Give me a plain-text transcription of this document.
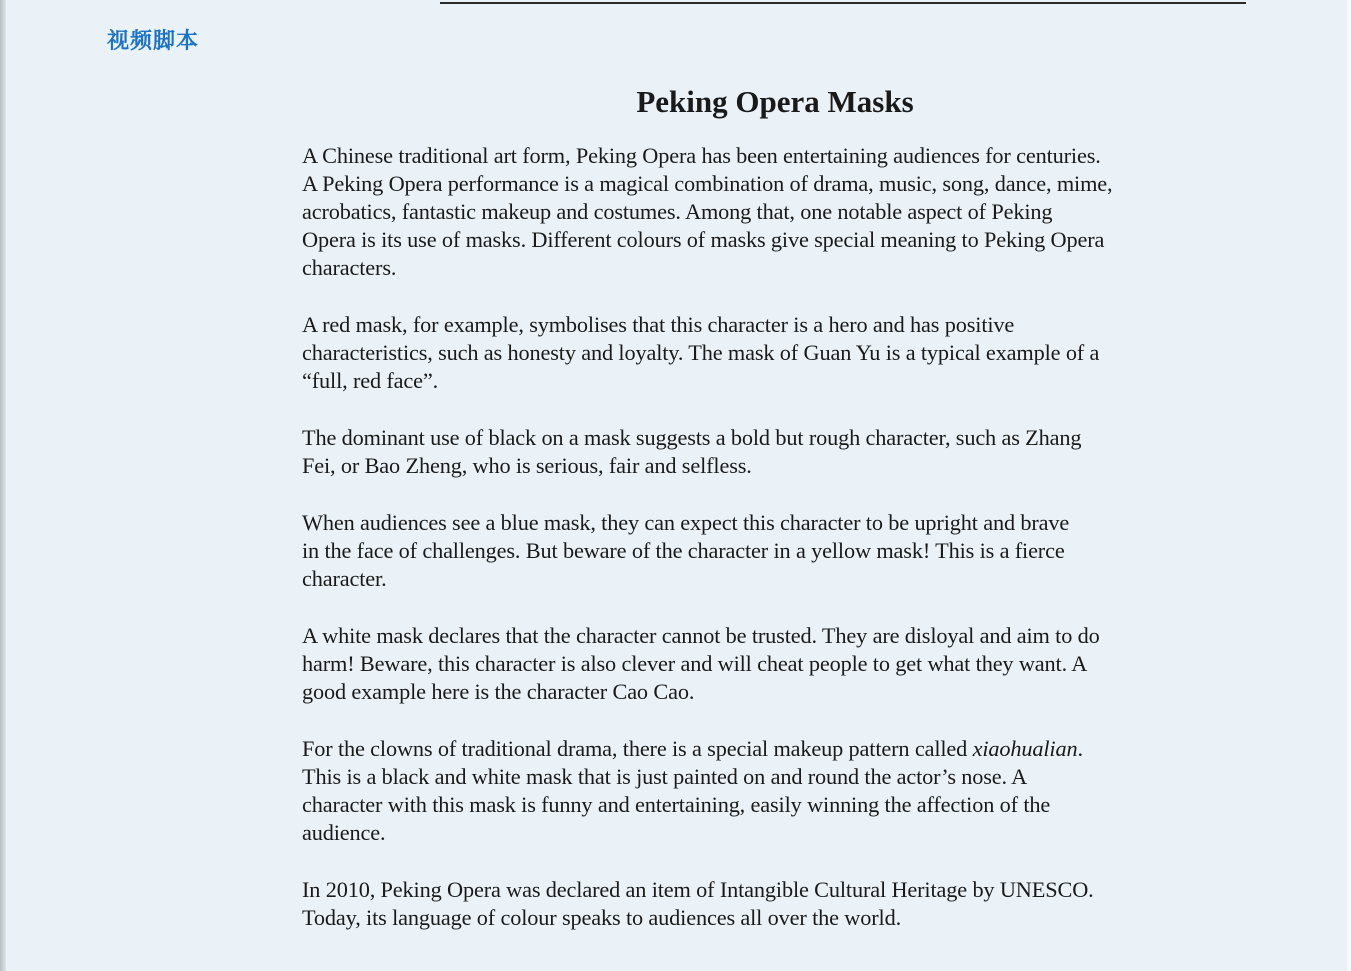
视频脚本
Peking Opera Masks

A Chinese traditional art form, Peking Opera has been entertaining audiences for centuries.
A Peking Opera performance is a magical combination of drama, music, song, dance, mime,
acrobatics, fantastic makeup and costumes. Among that, one notable aspect of Peking
Opera is its use of masks. Different colours of masks give special meaning to Peking Opera
characters.

A red mask, for example, symbolises that this character is a hero and has positive
characteristics, such as honesty and loyalty. The mask of Guan Yu is a typical example of a
“full, red face”.

The dominant use of black on a mask suggests a bold but rough character, such as Zhang
Fei, or Bao Zheng, who is serious, fair and selfless.

When audiences see a blue mask, they can expect this character to be upright and brave
in the face of challenges. But beware of the character in a yellow mask! This is a fierce
character.

A white mask declares that the character cannot be trusted. They are disloyal and aim to do
harm! Beware, this character is also clever and will cheat people to get what they want. A
good example here is the character Cao Cao.

For the clowns of traditional drama, there is a special makeup pattern called xiaohualian.
This is a black and white mask that is just painted on and round the actor’s nose. A
character with this mask is funny and entertaining, easily winning the affection of the
audience.

In 2010, Peking Opera was declared an item of Intangible Cultural Heritage by UNESCO.
Today, its language of colour speaks to audiences all over the world.
